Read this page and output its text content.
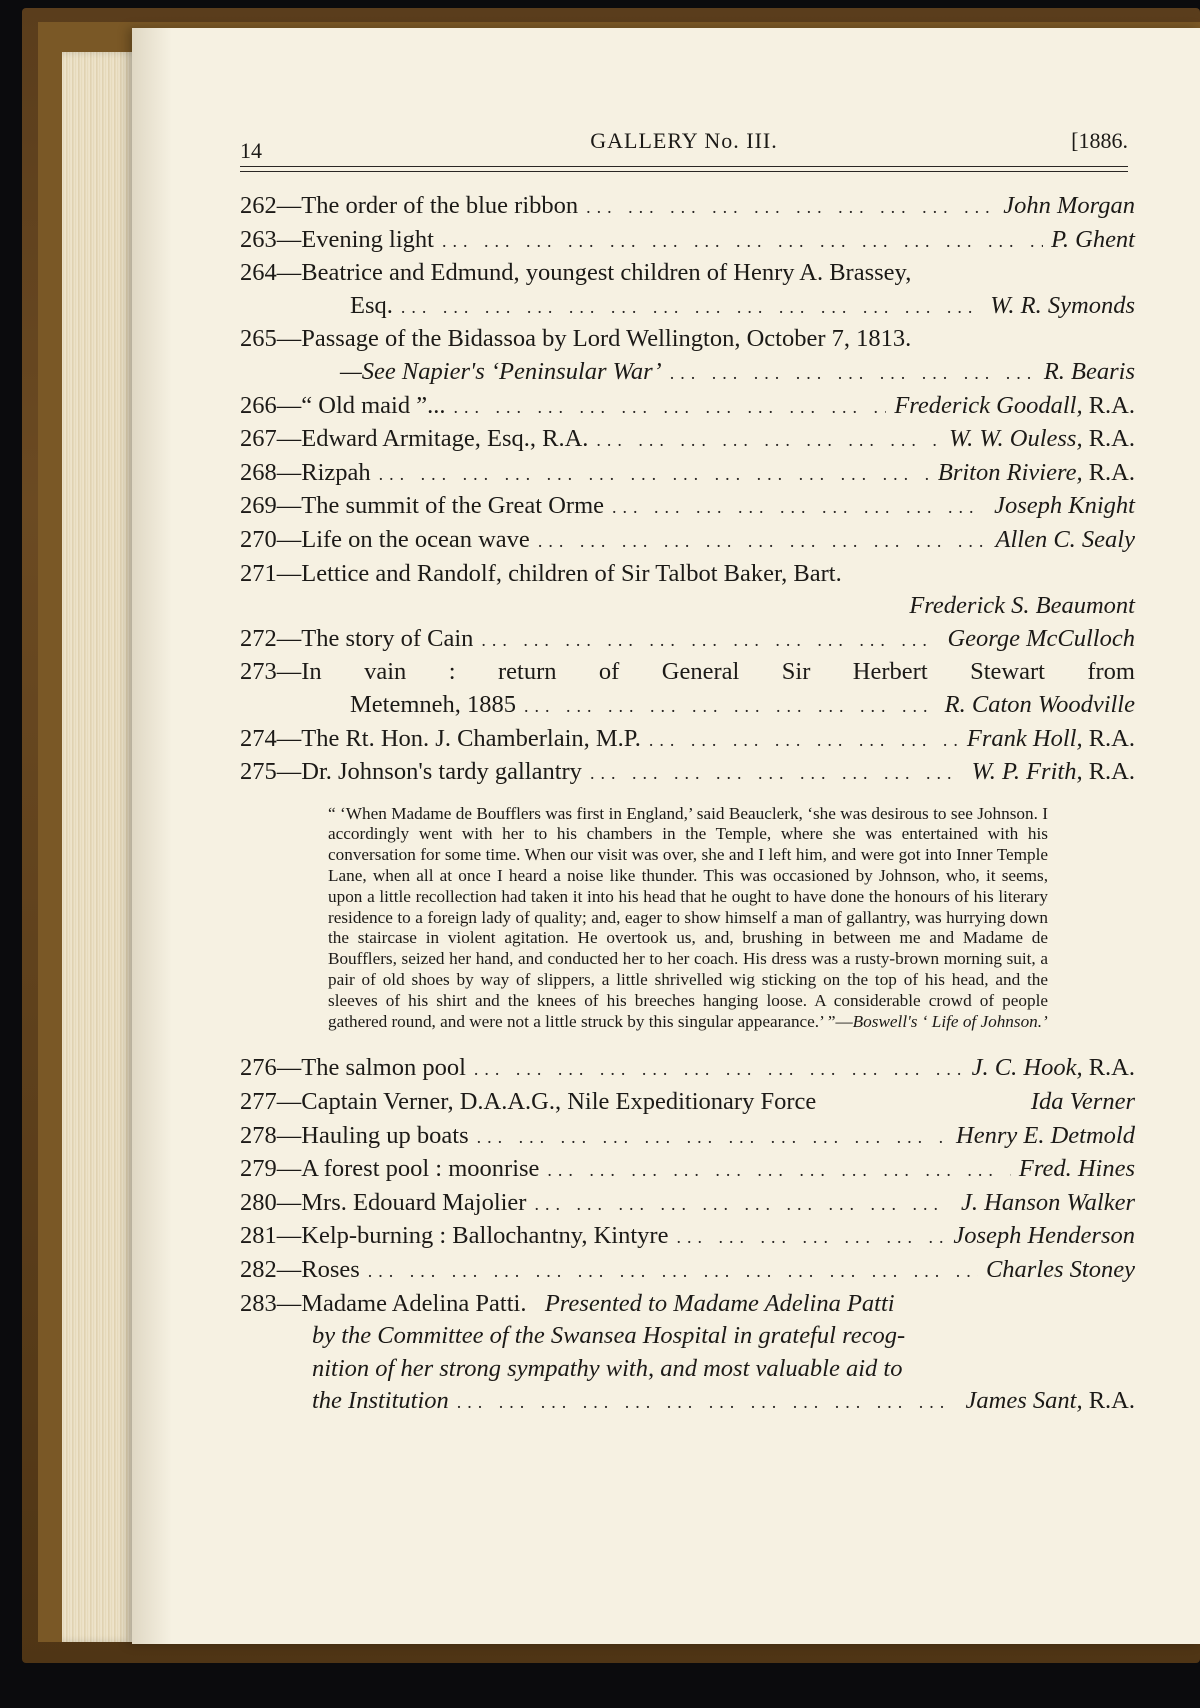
14	GALLERY No. III.	[1886.
262—The order of the blue ribbon ... .	John Morgan
263—Evening light ... .	P. Ghent
264—Beatrice and Edmund, youngest children of Henry A. Brassey,
Esq. ... .	W. R. Symonds
265—Passage of the Bidassoa by Lord Wellington, October 7, 1813.
—See Napier's ‘Peninsular War’ ... .	R. Bearis
266—“ Old maid ”... ... .	Frederick Goodall, R.A.
267—Edward Armitage, Esq., R.A. ... .	W. W. Ouless, R.A.
268—Rizpah ... .	Briton Riviere, R.A.
269—The summit of the Great Orme ... .	Joseph Knight
270—Life on the ocean wave ... .	Allen C. Sealy
271—Lettice and Randolf, children of Sir Talbot Baker, Bart.
Frederick S. Beaumont
272—The story of Cain ... .	George McCulloch
273—In vain : return of General Sir Herbert Stewart from
Metemneh, 1885 ... .	R. Caton Woodville
274—The Rt. Hon. J. Chamberlain, M.P. ... .	Frank Holl, R.A.
275—Dr. Johnson's tardy gallantry ... .	W. P. Frith, R.A.
“ ‘When Madame de Boufflers was first in England,’ said Beauclerk, ‘she was desirous to see Johnson. I accordingly went with her to his chambers in the Temple, where she was entertained with his conversation for some time. When our visit was over, she and I left him, and were got into Inner Temple Lane, when all at once I heard a noise like thunder. This was occasioned by Johnson, who, it seems, upon a little recollection had taken it into his head that he ought to have done the honours of his literary residence to a foreign lady of quality; and, eager to show himself a man of gallantry, was hurrying down the staircase in violent agitation. He overtook us, and, brushing in between me and Madame de Boufflers, seized her hand, and conducted her to her coach. His dress was a rusty-brown morning suit, a pair of old shoes by way of slippers, a little shrivelled wig sticking on the top of his head, and the sleeves of his shirt and the knees of his breeches hanging loose. A considerable crowd of people gathered round, and were not a little struck by this singular appearance.’ ”—Boswell's ‘ Life of Johnson.’
276—The salmon pool ... .	J. C. Hook, R.A.
277—Captain Verner, D.A.A.G., Nile Expeditionary Force	Ida Verner
278—Hauling up boats ... .	Henry E. Detmold
279—A forest pool : moonrise ... .	Fred. Hines
280—Mrs. Edouard Majolier ... .	J. Hanson Walker
281—Kelp-burning : Ballochantny, Kintyre ... .	Joseph Henderson
282—Roses ... .	Charles Stoney
283—Madame Adelina Patti. Presented to Madame Adelina Patti
by the Committee of the Swansea Hospital in grateful recog-
nition of her strong sympathy with, and most valuable aid to
the Institution ... .	James Sant, R.A.
